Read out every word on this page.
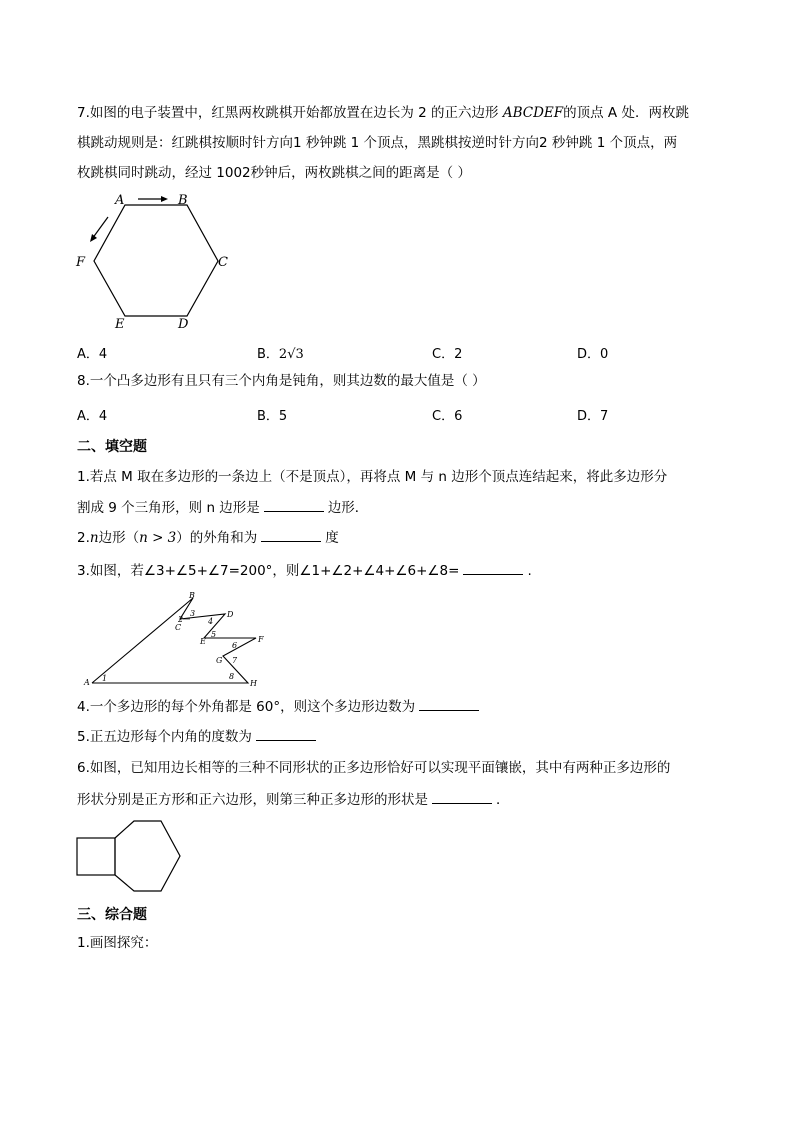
7.如图的电子装置中，红黑两枚跳棋开始都放置在边长为 2 的正六边形 ABCDEF的顶点 A 处．两枚跳
棋跳动规则是：红跳棋按顺时针方向1 秒钟跳 1 个顶点，黑跳棋按逆时针方向2 秒钟跳 1 个顶点，两
枚跳棋同时跳动，经过 1002秒钟后，两枚跳棋之间的距离是（ ）
A	B
C
D
E
F
A．4	B．2√3	C．2	D．0
8.一个凸多边形有且只有三个内角是钝角，则其边数的最大值是（ ）
A．4	B．5	C．6	D．7
二、填空题
1.若点 M 取在多边形的一条边上（不是顶点），再将点 M 与 n 边形个顶点连结起来，将此多边形分
割成 9 个三角形，则 n 边形是	边形．
2.n边形（n > 3）的外角和为	度
3.如图，若∠3+∠5+∠7=200°，则∠1+∠2+∠4+∠6+∠8=	.
B
C
D
E	F
G
A	H
1
2
3
4
5
6
7
8
4.一个多边形的每个外角都是 60°，则这个多边形边数为
5.正五边形每个内角的度数为
6.如图，已知用边长相等的三种不同形状的正多边形恰好可以实现平面镶嵌，其中有两种正多边形的
形状分别是正方形和正六边形，则第三种正多边形的形状是	．
三、综合题
1.画图探究：
